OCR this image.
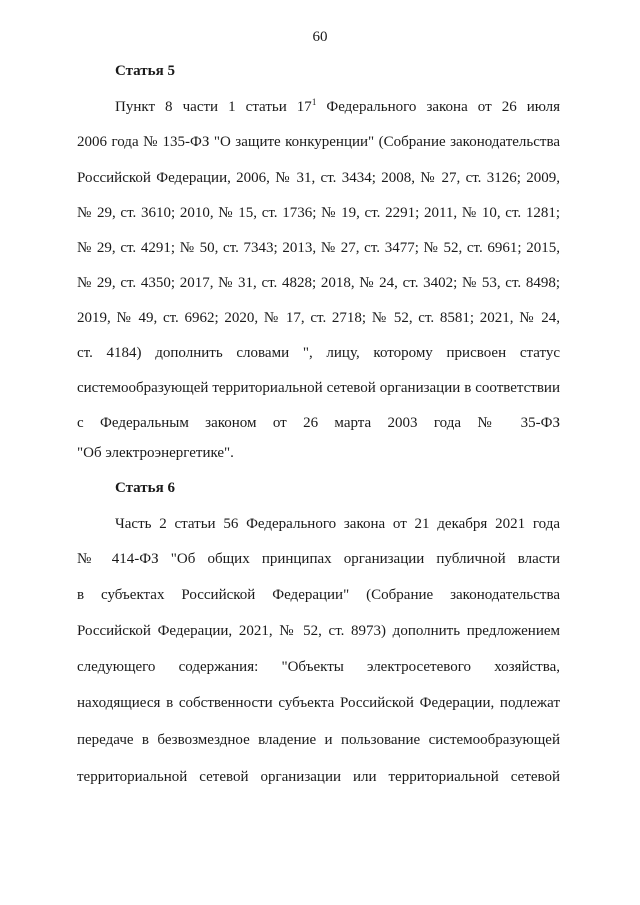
60
Статья 5
Пункт 8 части 1 статьи $17^1$ Федерального закона от 26 июля
2006 года № 135-ФЗ "О защите конкуренции" (Собрание законодательства
Российской Федерации, 2006, № 31, ст. 3434; 2008, № 27, ст. 3126; 2009,
№ 29, ст. 3610; 2010, № 15, ст. 1736; № 19, ст. 2291; 2011, № 10, ст. 1281;
№ 29, ст. 4291; № 50, ст. 7343; 2013, № 27, ст. 3477; № 52, ст. 6961; 2015,
№ 29, ст. 4350; 2017, № 31, ст. 4828; 2018, № 24, ст. 3402; № 53, ст. 8498;
2019, № 49, ст. 6962; 2020, № 17, ст. 2718; № 52, ст. 8581; 2021, № 24,
ст. 4184) дополнить словами ", лицу, которому присвоен статус
системообразующей территориальной сетевой организации в соответствии
с Федеральным законом от 26 марта 2003 года № 35-ФЗ
"Об электроэнергетике".
Статья 6
Часть 2 статьи 56 Федерального закона от 21 декабря 2021 года
№ 414-ФЗ "Об общих принципах организации публичной власти
в субъектах Российской Федерации" (Собрание законодательства
Российской Федерации, 2021, № 52, ст. 8973) дополнить предложением
следующего содержания: "Объекты электросетевого хозяйства,
находящиеся в собственности субъекта Российской Федерации, подлежат
передаче в безвозмездное владение и пользование системообразующей
территориальной сетевой организации или территориальной сетевой
